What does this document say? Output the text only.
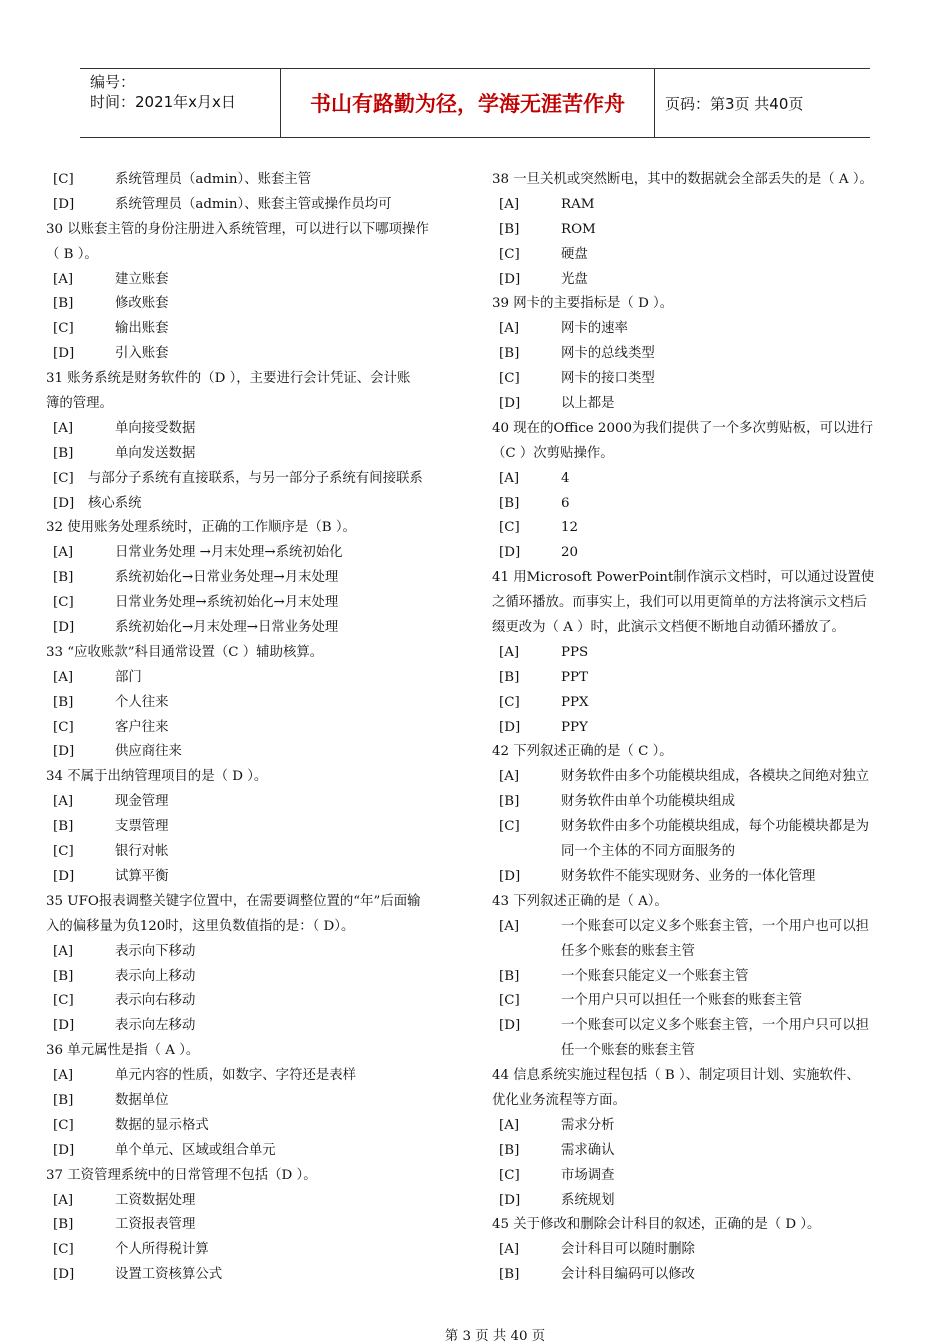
编号：
时间：2021年x月x日	书山有路勤为径，学海无涯苦作舟	页码：第3页 共40页
[C]	系统管理员（admin）、账套主管
[D]	系统管理员（admin）、账套主管或操作员均可
30 以账套主管的身份注册进入系统管理，可以进行以下哪项操作
（ B ）。
[A]	建立账套
[B]	修改账套
[C]	输出账套
[D]	引入账套
31 账务系统是财务软件的（D ），主要进行会计凭证、会计账
簿的管理。
[A]	单向接受数据
[B]	单向发送数据
[C] 与部分子系统有直接联系，与另一部分子系统有间接联系
[D] 核心系统
32 使用账务处理系统时，正确的工作顺序是（B ）。
[A]	日常业务处理 →月末处理→系统初始化
[B]	系统初始化→日常业务处理→月末处理
[C]	日常业务处理→系统初始化→月末处理
[D]	系统初始化→月末处理→日常业务处理
33 “应收账款”科目通常设置（C ）辅助核算。
[A]	部门
[B]	个人往来
[C]	客户往来
[D]	供应商往来
34 不属于出纳管理项目的是（ D ）。
[A]	现金管理
[B]	支票管理
[C]	银行对帐
[D]	试算平衡
35 UFO报表调整关键字位置中，在需要调整位置的“年”后面输
入的偏移量为负120时，这里负数值指的是：（ D）。
[A]	表示向下移动
[B]	表示向上移动
[C]	表示向右移动
[D]	表示向左移动
36 单元属性是指（ A ）。
[A]	单元内容的性质，如数字、字符还是表样
[B]	数据单位
[C]	数据的显示格式
[D]	单个单元、区域或组合单元
37 工资管理系统中的日常管理不包括（D ）。
[A]	工资数据处理
[B]	工资报表管理
[C]	个人所得税计算
[D]	设置工资核算公式
38 一旦关机或突然断电，其中的数据就会全部丢失的是（ A ）。
[A]	RAM
[B]	ROM
[C]	硬盘
[D]	光盘
39 网卡的主要指标是（ D ）。
[A]	网卡的速率
[B]	网卡的总线类型
[C]	网卡的接口类型
[D]	以上都是
40 现在的Office 2000为我们提供了一个多次剪贴板，可以进行
（C ）次剪贴操作。
[A]	4
[B]	6
[C]	12
[D]	20
41 用Microsoft PowerPoint制作演示文档时，可以通过设置使
之循环播放。而事实上，我们可以用更简单的方法将演示文档后
缀更改为（ A ）时，此演示文档便不断地自动循环播放了。
[A]	PPS
[B]	PPT
[C]	PPX
[D]	PPY
42 下列叙述正确的是（ C ）。
[A]	财务软件由多个功能模块组成，各模块之间绝对独立
[B]	财务软件由单个功能模块组成
[C]	财务软件由多个功能模块组成，每个功能模块都是为
同一个主体的不同方面服务的
[D]	财务软件不能实现财务、业务的一体化管理
43 下列叙述正确的是（ A）。
[A]	一个账套可以定义多个账套主管，一个用户也可以担
任多个账套的账套主管
[B]	一个账套只能定义一个账套主管
[C]	一个用户只可以担任一个账套的账套主管
[D]	一个账套可以定义多个账套主管，一个用户只可以担
任一个账套的账套主管
44 信息系统实施过程包括（ B ）、制定项目计划、实施软件、
优化业务流程等方面。
[A]	需求分析
[B]	需求确认
[C]	市场调查
[D]	系统规划
45 关于修改和删除会计科目的叙述，正确的是（ D ）。
[A]	会计科目可以随时删除
[B]	会计科目编码可以修改
第 3 页 共 40 页
